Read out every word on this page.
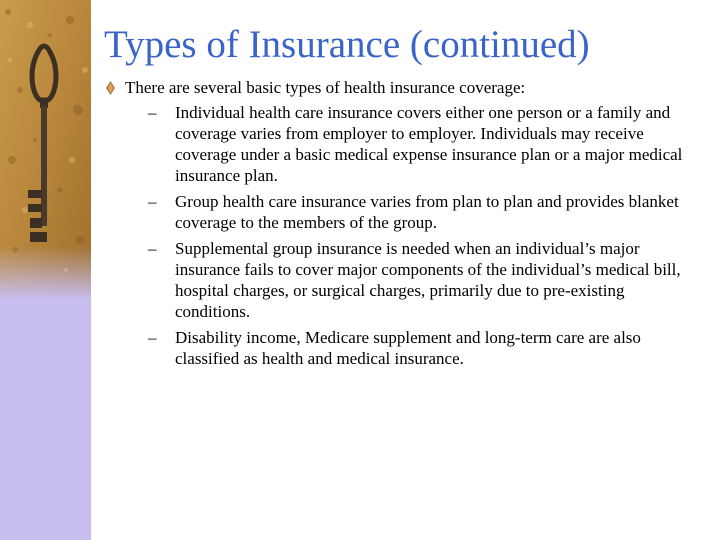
Types of Insurance (continued)
There are several basic types of health insurance coverage:
– Individual health care insurance covers either one person or a family and coverage varies from employer to employer. Individuals may receive coverage under a basic medical expense insurance plan or a major medical insurance plan.
– Group health care insurance varies from plan to plan and provides blanket coverage to the members of the group.
– Supplemental group insurance is needed when an individual’s major insurance fails to cover major components of the individual’s medical bill, hospital charges, or surgical charges, primarily due to pre-existing conditions.
– Disability income, Medicare supplement and long-term care are also classified as health and medical insurance.
